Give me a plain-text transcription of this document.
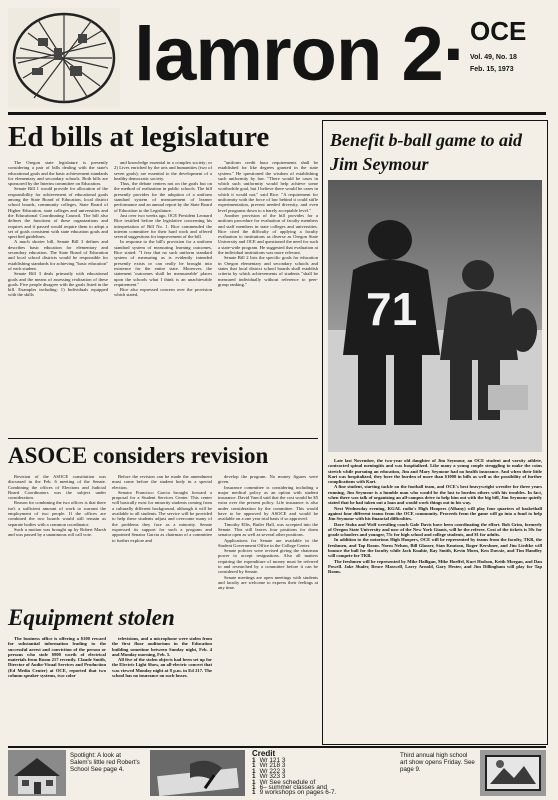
lamron 2· OCE
Vol. 49, No. 18
Feb. 15, 1973
Ed bills at legislature

The Oregon state legislature is presently considering a pair of bills dealing with the state's educational goals and the basic achievement standards for elementary and secondary schools. Both bills are sponsored by the Interim committee on Education.

Senate Bill 1 would provide for allocation of the responsibility for achievement of educational goals among the State Board of Education, local district school boards, community colleges, State Board of Higher Education, state colleges and universities and the Educational Coordinating Council. The bill also defines the functions of these organizations and requires and if passed would require them to adopt a set of goals consistent with state education goals and specified guidelines.

A much shorter bill, Senate Bill 3 defines and describes basic education for elementary and secondary education. The State Board of Education and local school districts would be responsible for establishing standards for achieving "basic education" of each student.

Senate Bill 3 deals primarily with educational goals and the means of assessing realization of these goals. Five people disagree with the goals listed in the bill. Examples including: 1) Individuals equipped with the skills

and knowledge essential in a complex society; or 2) Lives enriched by the arts and humanities (two of seven goals); are essential to the development of a healthy democratic society.

Thus, the debate centers not on the goals but on the method of realization in public schools. The bill presently provides for the adoption of a uniform standard system of measurement of learner performance and an annual report by the State Board of Education to the Legislature.

Just over two weeks ago, OCE President Leonard Rice testified before the legislative concerning his interpretation of Bill No. 1. Rice commended the interim committee for their hard work and offered several suggestions for improvement of the bill.

In response to the bill's provision for a uniform standard system of measuring learning outcomes, Rice stated: "I fear that no such uniform standard system of measuring as is evidently intended presently exists or can really be brought into existence for the entire state. Moreover, the statement 'outcomes shall be measureable' places upon the schools what I think is an unachievable requirement."

Rice also expressed concern over the provision which stated,

"uniform credit hour requirements shall be established for like degrees granted in the state system." He questioned the wisdom of establishing such uniformity by law. "There would be cases in which such uniformity would help achieve some worthwhile goal, but I believe there would be cases in which it would not," said Rice. "A requirement for uniformity with the force of law behind it could stifle experimentation, prevent needed diversity, and even level programs down to a barely acceptable level."

Another provision of the bill provides for a uniform procedure for evaluation of faculty members and staff members in state colleges and universities. Rice cited the difficulty of applying a faculty evaluation to institutions as diverse as Oregon State University and OCE and questioned the need for such a state-wide program. He suggested that evaluation at the individual institutions was more relevant.

Senate Bill 2 lists the specific goals for education in Oregon elementary and secondary schools and states that local district school boards shall establish criteria by which achievements of students "shall be measured individually without reference to peer-group ranking."

Benefit b-ball game to aid Jim Seymour
71

Late last November, the two-year old daughter of Jim Seymour, an OCE student and varsity athlete, contracted spinal meningitis and was hospitalized. Like many a young couple struggling to make the coins stretch while pursuing an education, Jim and Mary Seymour had no health insurance. And when their little Kari was hospitalized, they bore the burden of more than $1000 in bills as well as the possibility of further complications with Kari.

A fine student, starting tackle on the football team, and OCE's best heavyweight wrestler for three years running, Jim Seymour is a humble man who would be the last to burden others with his troubles. In fact, when there was talk of organizing an all-campus drive to help him out with the big bill, Jim Seymour quietly stated that he had taken out a loan and would work things out in his way.

Next Wednesday evening, KGAL radio's High Hoopers (Albany) will play four quarters of basketball against four different teams from the OCE community. Proceeds from the game will go into a fund to help Jim Seymour with his financial difficulties.

Dave Stoba and Wolf wrestling coach Gale Davis have been coordinating the effort. Bob Grim, formerly of Oregon State University and now of the New York Giants, will be the referee. Cost of the tickets is 50c for grade schoolers and younger, 75c for high school and college students, and $1 for adults.

In addition to the notorious High Hoopers, OCE will be represented by teams from the faculty, TKB, the freshmen, and Tap Room. Norm Nelson, Bill Glasser, Stan Knutson, Roger Kershner, and Jim Liedtke will bounce the ball for the faculty while Jack Kuahie, Ray Smith, Kevin Moen, Ken Dawsie, and Tim Handley will compete for TKB.

The freshmen will be represented by Mike Halligan, Mike Hoeffel, Kurt Hodson, Keith Morgan, and Dan Powell. Jake Shafer, Bruce Maxwell, Larry Arnold, Gary Hester, and Jim Dillingham will play for Tap Room.

ASOCE considers revision

Revision of the ASOCE constitution was discussed in the Feb. 6 meeting of the Senate. Combining the offices of Elections and Judicial Board Coordinators was the subject under consideration.

Reason for combining the two offices is that there isn't a sufficient amount of work to warrant the employment of two people. If the offices are combined the two boards would still remain as separate bodies with a common coordinator.

Such a motion was brought up by Robert Marsh and was passed by a unanimous roll call vote.

Before the revision can be made the amendment must come before the student body in a special election.

Senator Francisco Garcia brought forward a proposal for a Student Services Center. This center will basically exist for minority students coming from a culturally different background, although it will be available to all students. The service will be provided to help these students adjust and overcome many of the problems they face as a minority. Senate expressed its support for such a program and appointed Senator Garcia as chairman of a committee to further explore and

develop the program. No money figures were given.

Insurance committee is considering including a major medical policy as an option with student insurance. David Vancil said that the cost would be $5 extra over the present policy. Life insurance is also under consideration by the committee. This would have to be approved by ASOCE and would be available on a one year trial basis if so approved.

Timothy Ellis, Butler Hall, was accepted into the Senate. This still leaves four positions for dorm senator open as well as several other positions.

Applications for Senate are available in the Student Government Office in the College Center.

Senate policies were revised giving the chairman power to accept resignations. Also all matters requiring the expenditure of money must be referred to and researched by a committee before it can be considered by Senate.

Senate meetings are open meetings with students and faculty are welcome to express their feelings at any time.

Equipment stolen

The business office is offering a $100 reward for substantial information leading to the successful arrest and conviction of the person or persons who stole $800 worth of electrical materials from Room 217 recently. Claude Smith, Director of Audio-Visual Services and Production (Ed Media Center) at OCE, reported that two column speaker systems, two color

televisions, and a microphone were stolen from the first floor auditorium in the Education building sometime between Sunday night, Feb. 4 and Monday morning, Feb. 5.

All five of the stolen objects had been set up for the Electric Light Show, an all-electric concert that was viewed Monday night at 8 p.m. in Ed 217. The school has no insurance on such losses.

Spotlight: A look at Salem's little red Robert's School See page 4.
Credit
1 Wr 121 3
1 Wr 218 3
1 Wr 222 3
1 Wr 323 3
1 Wr See schedule of
1 6– summer classes and
1 9 workshops on pages 6-7.
Third annual high school art show opens Friday. See page 9.
